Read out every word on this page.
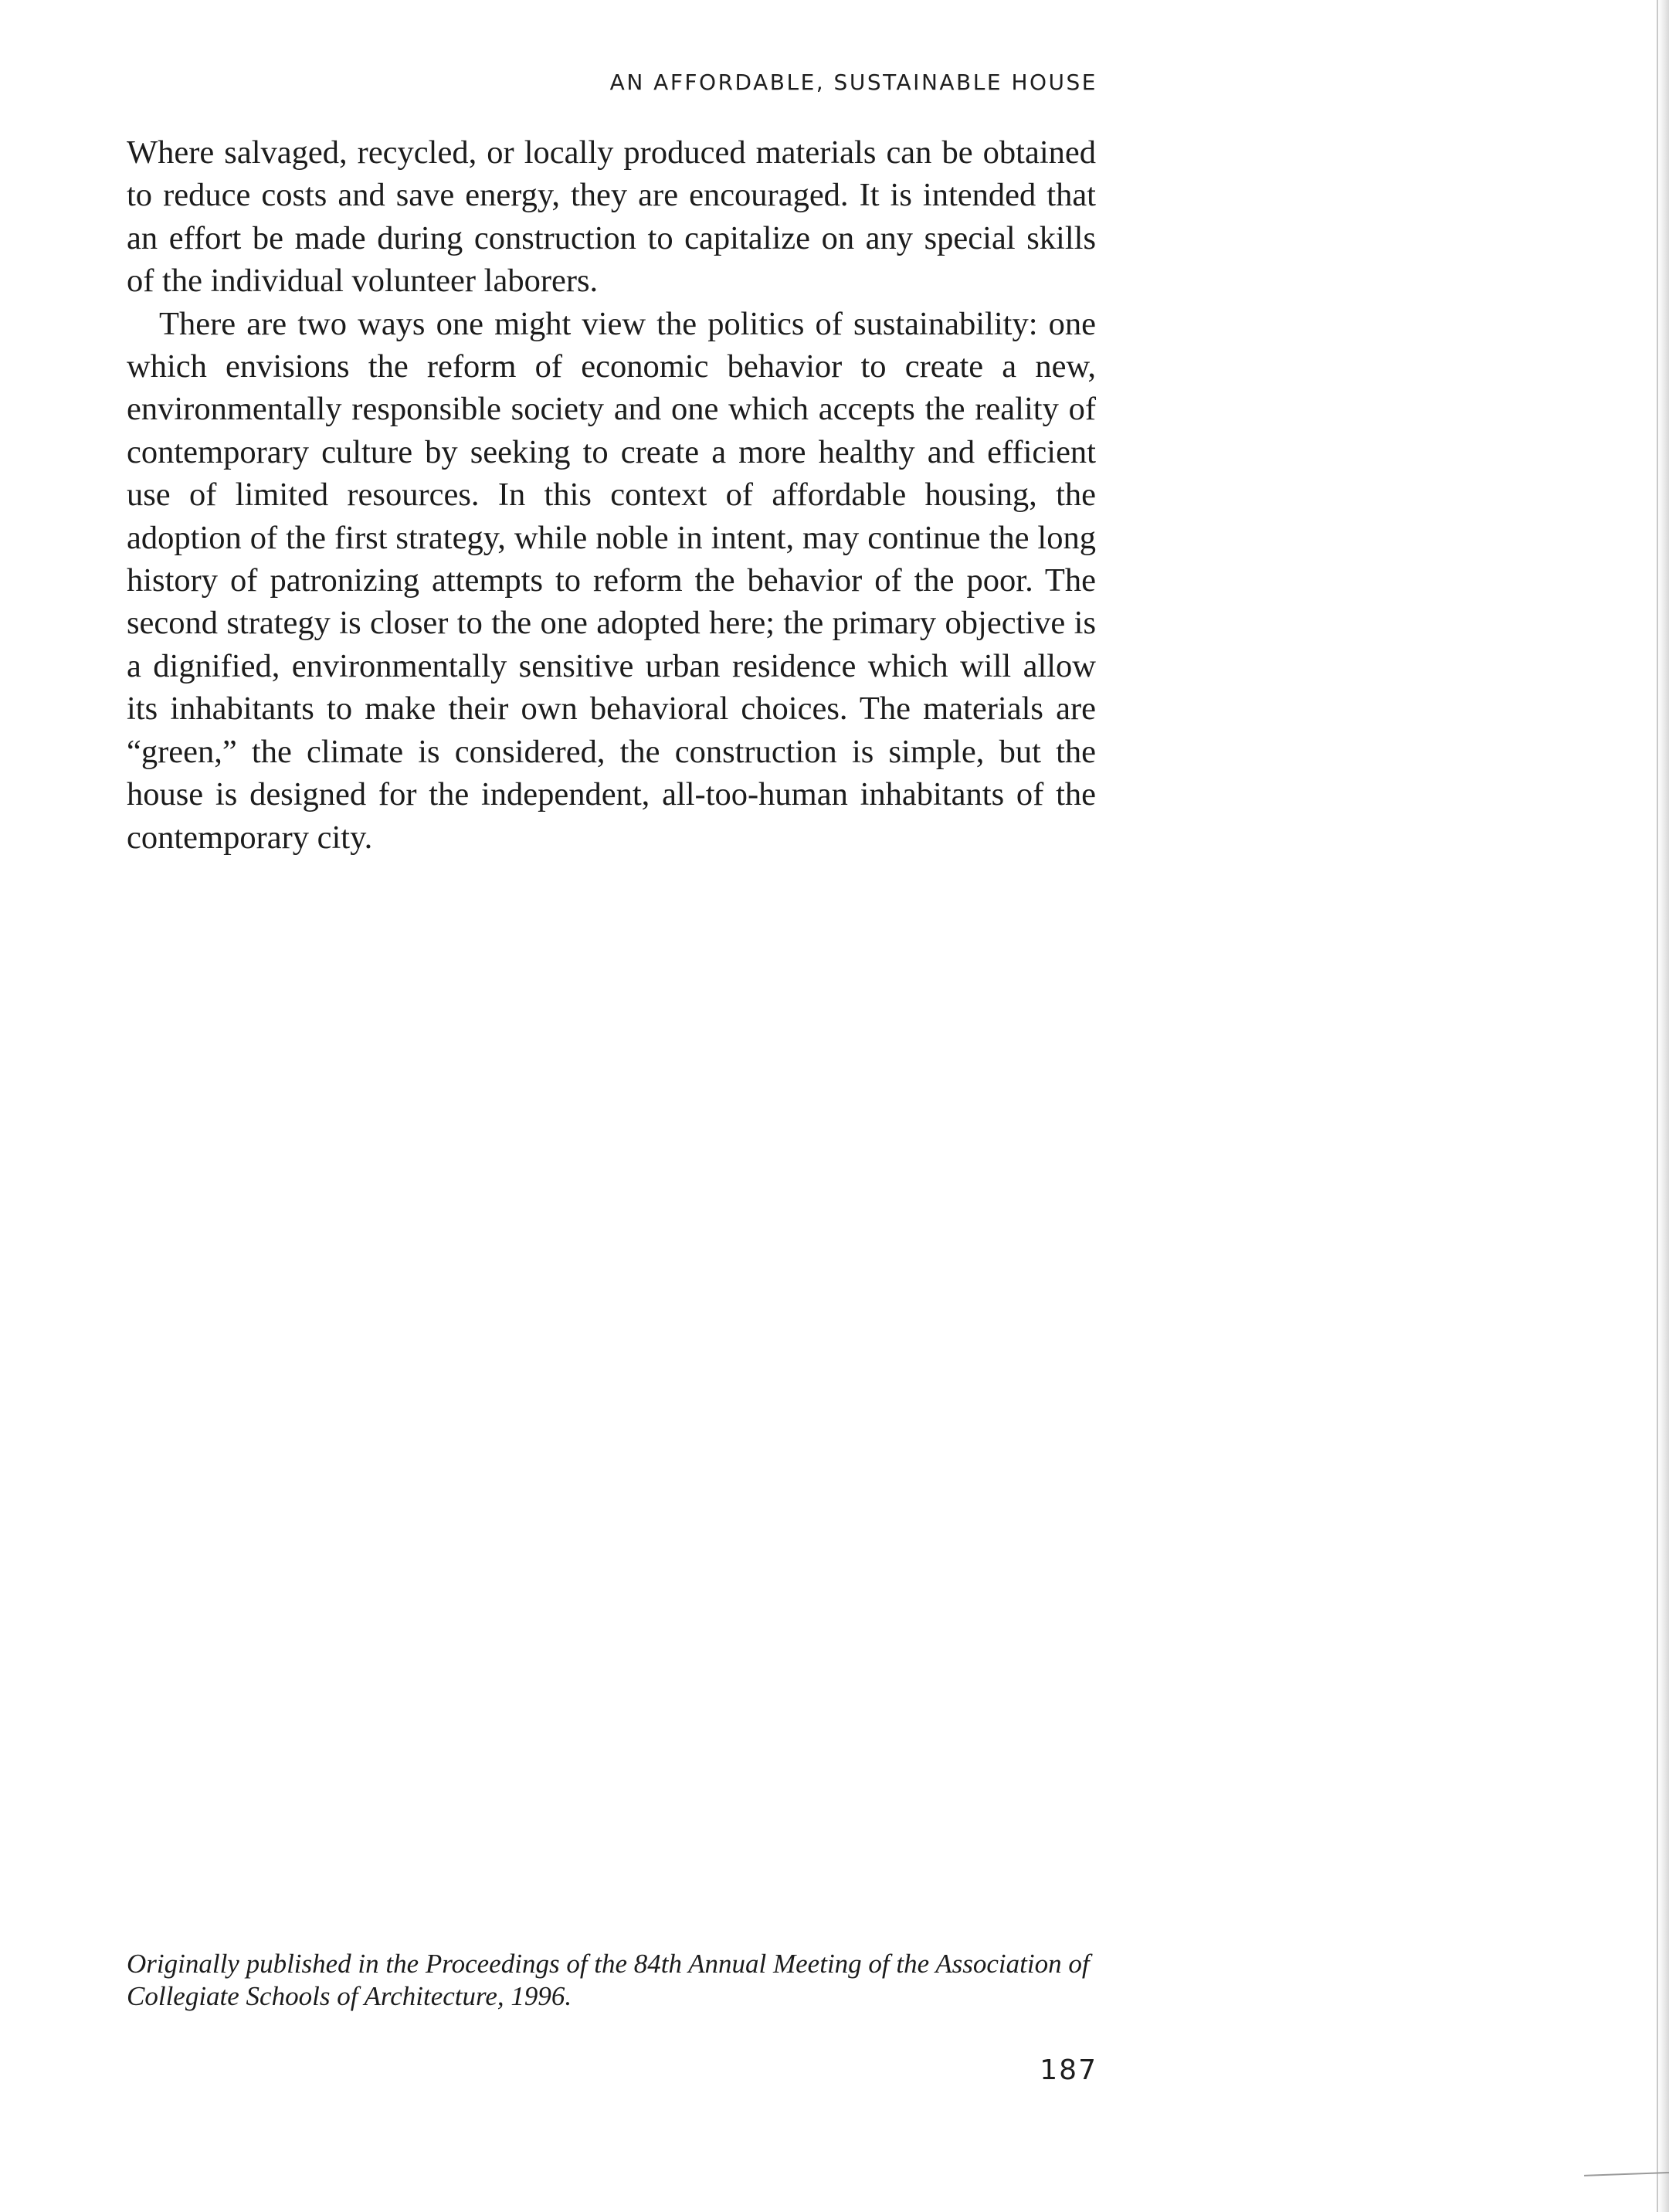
AN AFFORDABLE, SUSTAINABLE HOUSE

Where salvaged, recycled, or locally produced materials can be obtained to reduce costs and save energy, they are encouraged. It is intended that an effort be made during construction to capitalize on any special skills of the individual volunteer laborers.

There are two ways one might view the politics of sustainability: one which envisions the reform of economic behavior to create a new, environmentally responsible society and one which accepts the reality of contemporary culture by seeking to create a more healthy and efficient use of limited resources. In this context of affordable housing, the adoption of the first strategy, while noble in intent, may continue the long history of patronizing attempts to reform the behavior of the poor. The second strategy is closer to the one adopted here; the primary objective is a dignified, environmentally sensitive urban residence which will allow its inhabitants to make their own behavioral choices. The materials are “green,” the climate is considered, the construction is simple, but the house is designed for the independent, all-too-human inhabitants of the contemporary city.

Originally published in the Proceedings of the 84th Annual Meeting of the Association of Collegiate Schools of Architecture, 1996.

187
